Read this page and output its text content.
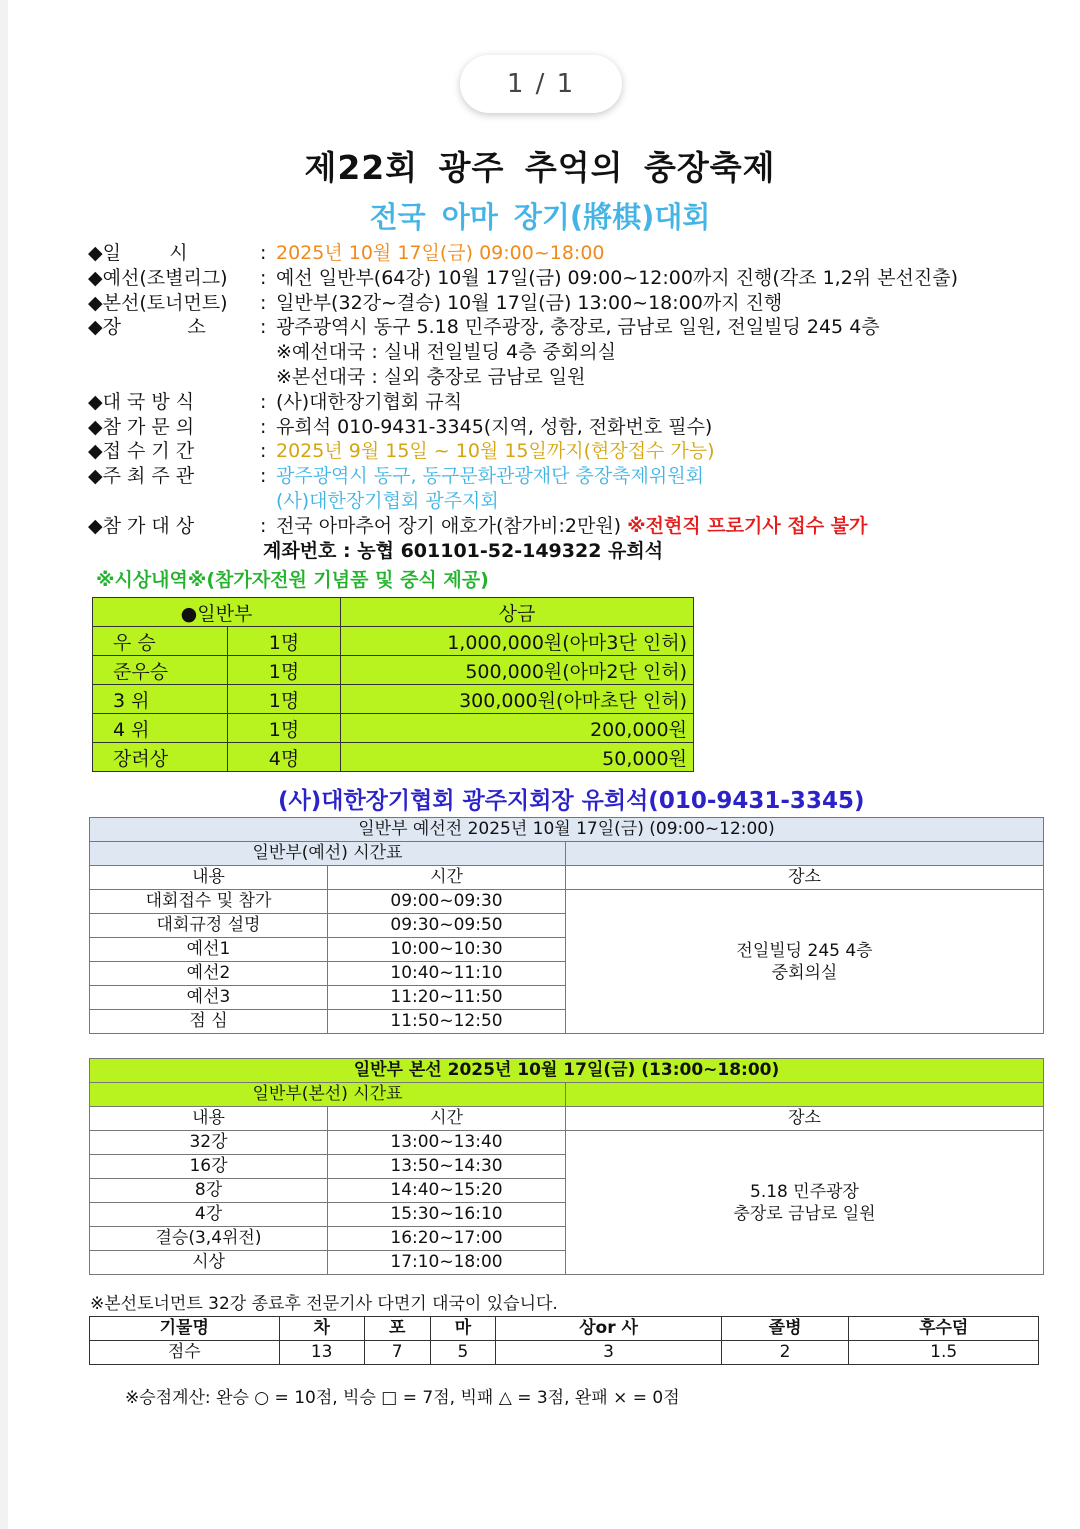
1 / 1
제22회 광주 추억의 충장축제
전국 아마 장기(將棋)대회
◆일        시	: 2025년 10월 17일(금) 09:00~18:00
◆예선(조별리그) : 예선 일반부(64강) 10월 17일(금) 09:00~12:00까지 진행(각조 1,2위 본선진출)
◆본선(토너먼트) : 일반부(32강~결승) 10월 17일(금) 13:00~18:00까지 진행
◆장           소	: 광주광역시 동구 5.18 민주광장, 충장로, 금남로 일원, 전일빌딩 245 4층
※예선대국 : 실내 전일빌딩 4층 중회의실
※본선대국 : 실외 충장로 금남로 일원
◆대 국 방 식	: (사)대한장기협회 규칙
◆참 가 문 의	: 유희석 010-9431-3345(지역, 성함, 전화번호 필수)
◆접 수 기 간	: 2025년 9월 15일 ~ 10월 15일까지(현장접수 가능)
◆주 최 주 관	: 광주광역시 동구, 동구문화관광재단 충장축제위원회
(사)대한장기협회 광주지회
◆참 가 대 상	: 전국 아마추어 장기 애호가(참가비:2만원) ※전현직 프로기사 접수 불가
계좌번호 : 농협 601101-52-149322 유희석
※시상내역※(참가자전원 기념품 및 중식 제공)
●일반부		상금
우 승	1명	1,000,000원(아마3단 인허)
준우승	1명	500,000원(아마2단 인허)
3 위	1명	300,000원(아마초단 인허)
4 위	1명	200,000원
장려상	4명	50,000원
(사)대한장기협회 광주지회장 유희석(010-9431-3345)
일반부 예선전 2025년 10월 17일(금) (09:00~12:00)		
일반부(예선) 시간표		
내용	시간	장소
대회접수 및 참가	09:00~09:30	전일빌딩 245 4층
중회의실

대회규정 설명	09:30~09:50	
예선1	10:00~10:30	
예선2	10:40~11:10	
예선3	11:20~11:50	
점 심	11:50~12:50	
일반부 본선 2025년 10월 17일(금) (13:00~18:00)		
일반부(본선) 시간표		
내용	시간	장소
32강	13:00~13:40	5.18 민주광장
충장로 금남로 일원

16강	13:50~14:30	
8강	14:40~15:20	
4강	15:30~16:10	
결승(3,4위전)	16:20~17:00	
시상	17:10~18:00	
※본선토너먼트 32강 종료후 전문기사 다면기 대국이 있습니다.
기물명	차	포	마	상or 사	졸병	후수덤
점수	13	7	5	3	2	1.5
※승점계산: 완승 ○ = 10점, 빅승 □ = 7점, 빅패 △ = 3점, 완패 × = 0점
